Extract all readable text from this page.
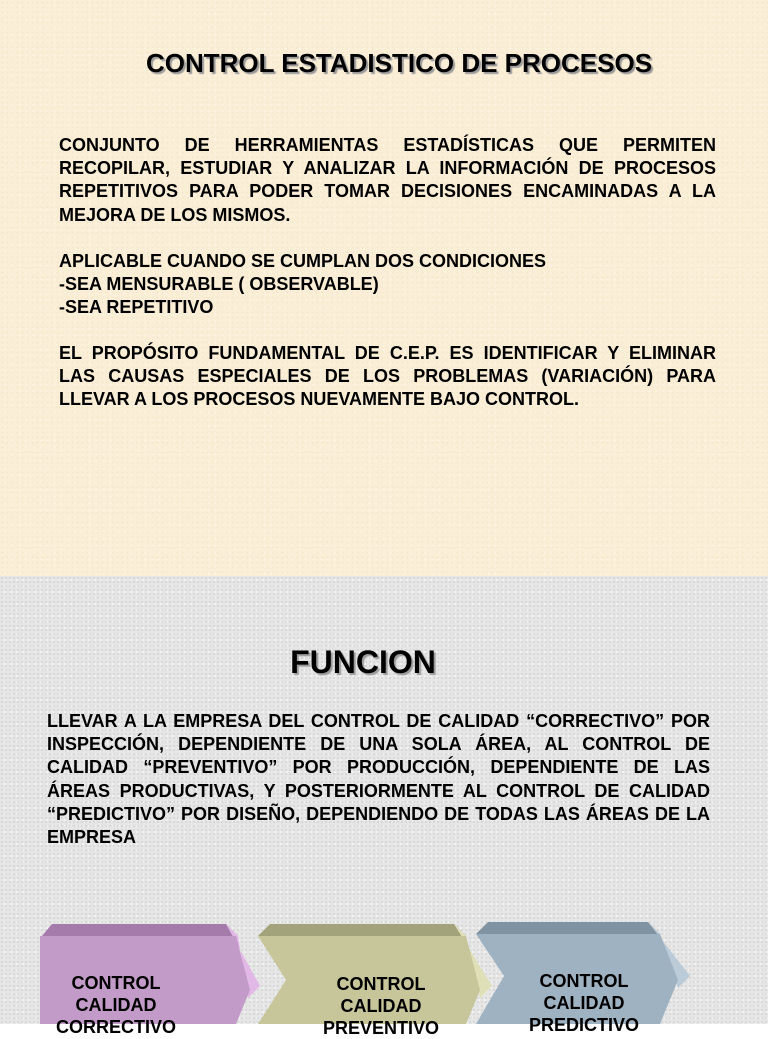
CONTROL ESTADISTICO DE PROCESOS

CONJUNTO DE HERRAMIENTAS ESTADÍSTICAS QUE PERMITEN RECOPILAR, ESTUDIAR Y ANALIZAR LA INFORMACIÓN DE PROCESOS REPETITIVOS PARA PODER TOMAR DECISIONES ENCAMINADAS A LA MEJORA DE LOS MISMOS.

APLICABLE CUANDO SE CUMPLAN DOS CONDICIONES
-SEA MENSURABLE ( OBSERVABLE)
-SEA REPETITIVO

EL PROPÓSITO FUNDAMENTAL DE C.E.P. ES IDENTIFICAR Y ELIMINAR LAS CAUSAS ESPECIALES DE LOS PROBLEMAS (VARIACIÓN) PARA LLEVAR A LOS PROCESOS NUEVAMENTE BAJO CONTROL.

FUNCION

LLEVAR A LA EMPRESA DEL CONTROL DE CALIDAD “CORRECTIVO” POR INSPECCIÓN, DEPENDIENTE DE UNA SOLA ÁREA, AL CONTROL DE CALIDAD “PREVENTIVO” POR PRODUCCIÓN, DEPENDIENTE DE LAS ÁREAS PRODUCTIVAS, Y POSTERIORMENTE AL CONTROL DE CALIDAD “PREDICTIVO” POR DISEÑO, DEPENDIENDO DE TODAS LAS ÁREAS DE LA EMPRESA

CONTROL
CALIDAD
CORRECTIVO
CONTROL
CALIDAD
PREVENTIVO
CONTROL
CALIDAD
PREDICTIVO
